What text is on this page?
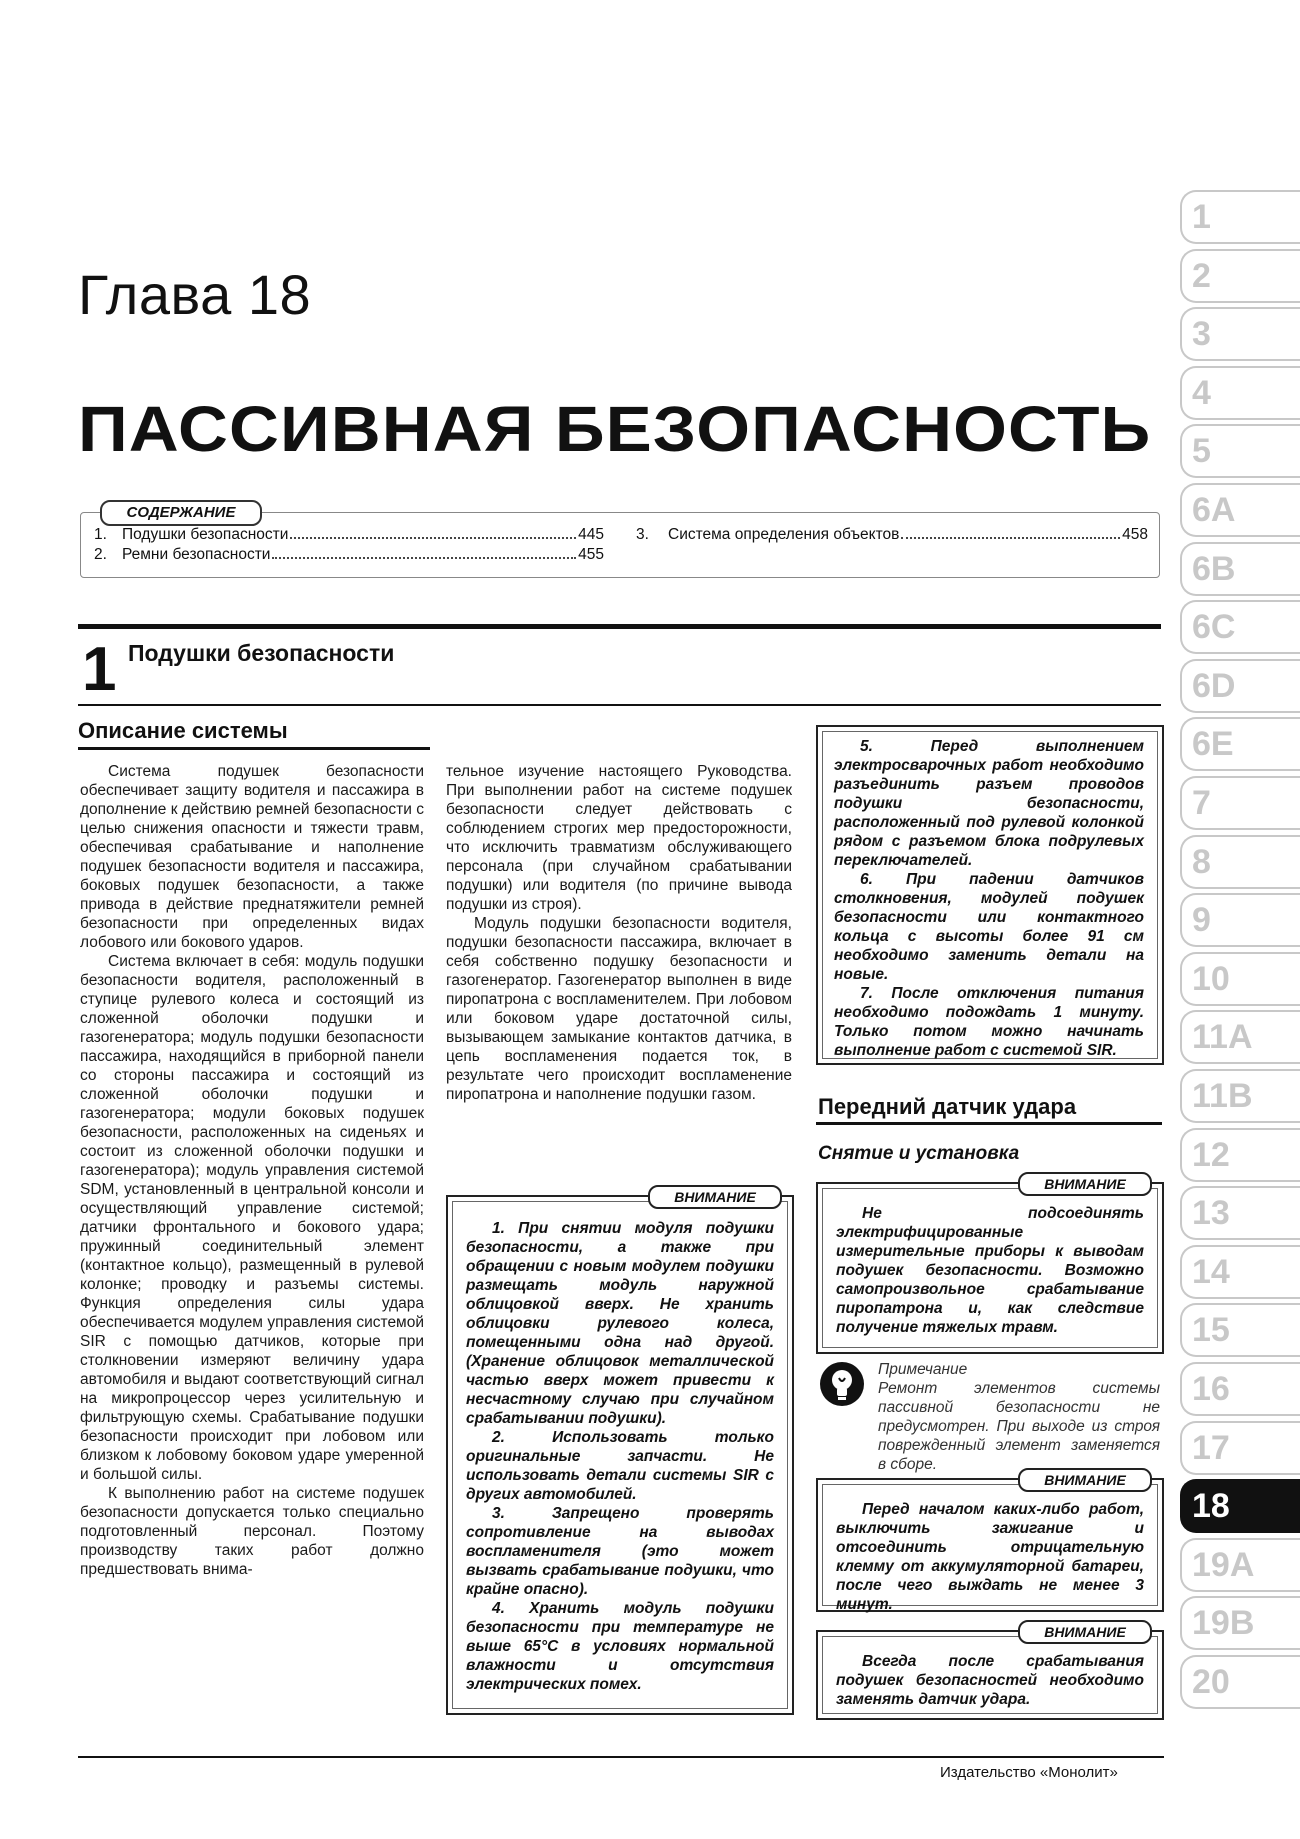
Глава 18
ПАССИВНАЯ БЕЗОПАСНОСТЬ
СОДЕРЖАНИЕ
1. Подушки безопасности	445
2. Ремни безопасности	455
3.	Система определения объектов	458
1 Подушки безопасности
Описание системы

Система подушек безопасности обеспечивает защиту водителя и пассажира в дополнение к действию ремней безопасности с целью снижения опасности и тяжести травм, обеспечивая срабатывание и наполнение подушек безопасности водителя и пассажира, боковых подушек безопасности, а также привода в действие преднатяжители ремней безопасности при определенных видах лобового или бокового ударов.

Система включает в себя: модуль подушки безопасности водителя, расположенный в ступице рулевого колеса и состоящий из сложенной оболочки подушки и газогенератора; модуль подушки безопасности пассажира, находящийся в приборной панели со стороны пассажира и состоящий из сложенной оболочки подушки и газогенератора; модули боковых подушек безопасности, расположенных на сиденьях и состоит из сложенной оболочки подушки и газогенератора); модуль управления системой SDM, установленный в центральной консоли и осуществляющий управление системой; датчики фронтального и бокового удара; пружинный соединительный элемент (контактное кольцо), размещенный в рулевой колонке; проводку и разъемы системы. Функция определения силы удара обеспечивается модулем управления системой SIR с помощью датчиков, которые при столкновении измеряют величину удара автомобиля и выдают соответствующий сигнал на микропроцессор через усилительную и фильтрующую схемы. Срабатывание подушки безопасности происходит при лобовом или близком к лобовому боковом ударе умеренной и большой силы.

К выполнению работ на системе подушек безопасности допускается только специально подготовленный персонал. Поэтому производству таких работ должно предшествовать внима-

тельное изучение настоящего Руководства. При выполнении работ на системе подушек безопасности следует действовать с соблюдением строгих мер предосторожности, что исключить травматизм обслуживающего персонала (при случайном срабатывании подушки) или водителя (по причине вывода подушки из строя).

Модуль подушки безопасности водителя, подушки безопасности пассажира, включает в себя собственно подушку безопасности и газогенератор. Газогенератор выполнен в виде пиропатрона с воспламенителем. При лобовом или боковом ударе достаточной силы, вызывающем замыкание контактов датчика, в цепь воспламенения подается ток, в результате чего происходит воспламенение пиропатрона и наполнение подушки газом.

ВНИМАНИЕ

1. При снятии модуля подушки безопасности, а также при обращении с новым модулем подушки размещать модуль наружной облицовкой вверх. Не хранить облицовки рулевого колеса, помещенными одна над другой. (Хранение облицовок металлической частью вверх может привести к несчастному случаю при случайном срабатывании подушки).

2. Использовать только оригинальные запчасти. Не использовать детали системы SIR с других автомобилей.

3. Запрещено проверять сопротивление на выводах воспламенителя (это может вызвать срабатывание подушки, что крайне опасно).

4. Хранить модуль подушки безопасности при температуре не выше 65°С в условиях нормальной влажности и отсутствия электрических помех.

5. Перед выполнением электросварочных работ необходимо разъединить разъем проводов подушки безопасности, расположенный под рулевой колонкой рядом с разъемом блока подрулевых переключателей.

6. При падении датчиков столкновения, модулей подушек безопасности или контактного кольца с высоты более 91 см необходимо заменить детали на новые.

7. После отключения питания необходимо подождать 1 минуту. Только потом можно начинать выполнение работ с системой SIR.

Передний датчик удара
Снятие и установка
ВНИМАНИЕ

Не подсоединять электрифицированные измерительные приборы к выводам подушек безопасности. Возможно самопроизвольное срабатывание пиропатрона и, как следствие получение тяжелых травм.

Примечание
Ремонт элементов системы пассивной безопасности не предусмотрен. При выходе из строя поврежденный элемент заменяется в сборе.
ВНИМАНИЕ

Перед началом каких-либо работ, выключить зажигание и отсоединить отрицательную клемму от аккумуляторной батареи, после чего выждать не менее 3 минут.

ВНИМАНИЕ

Всегда после срабатывания подушек безопасностей необходимо заменять датчик удара.

1
2
3
4
5
6A
6B
6C
6D
6E
7
8
9
10
11A
11B
12
13
14
15
16
17
18
19A
19B
20
Издательство «Монолит»
